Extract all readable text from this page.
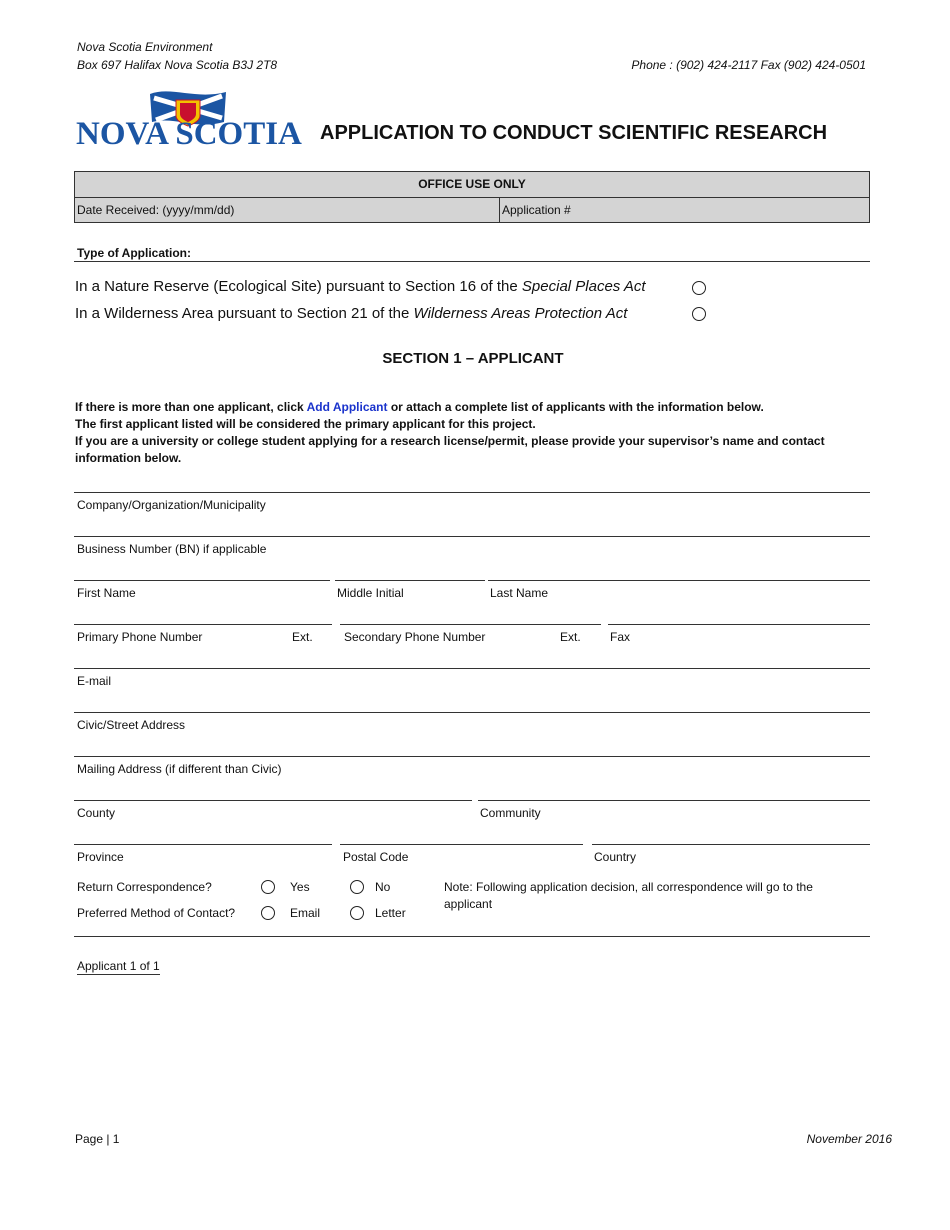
Nova Scotia Environment
Box 697 Halifax Nova Scotia B3J 2T8	Phone : (902) 424-2117 Fax (902) 424-0501
NOVA SCOTIA APPLICATION TO CONDUCT SCIENTIFIC RESEARCH
OFFICE USE ONLY
Date Received: (yyyy/mm/dd)	Application #
Type of Application:
In a Nature Reserve (Ecological Site) pursuant to Section 16 of the Special Places Act
In a Wilderness Area pursuant to Section 21 of the Wilderness Areas Protection Act
SECTION 1 – APPLICANT
If there is more than one applicant, click Add Applicant or attach a complete list of applicants with the information below.
The first applicant listed will be considered the primary applicant for this project.
If you are a university or college student applying for a research license/permit, please provide your supervisor’s name and contact
information below.
Company/Organization/Municipality
Business Number (BN) if applicable
First Name	Middle Initial	Last Name
Primary Phone Number	Ext.	Secondary Phone Number	Ext. Fax
E-mail
Civic/Street Address
Mailing Address (if different than Civic)
County	Community
Province	Postal Code	Country
Return Correspondence?	Yes	No
Preferred Method of Contact?	Email	Letter
Note: Following application decision, all correspondence will go to the
applicant
Applicant 1 of 1
Page | 1	November 2016
